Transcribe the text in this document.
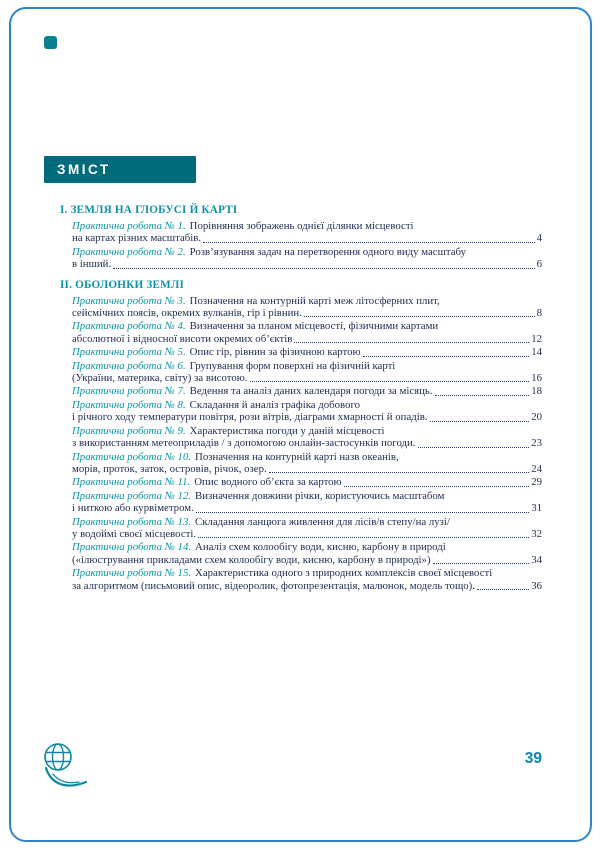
ЗМІСТ
І. ЗЕМЛЯ НА ГЛОБУСІ Й КАРТІ
Практична робота № 1. Порівняння зображень однієї ділянки місцевості
на картах різних масштабів.	4
Практична робота № 2. Розв’язування задач на перетворення одного виду масштабу
в інший.	6
ІІ. ОБОЛОНКИ ЗЕМЛІ
Практична робота № 3. Позначення на контурній карті меж літосферних плит,
сейсмічних поясів, окремих вулканів, гір і рівнин.	8
Практична робота № 4. Визначення за планом місцевості, фізичними картами
абсолютної і відносної висоти окремих об’єктів	12
Практична робота № 5. Опис гір, рівнин за фізичною картою	14
Практична робота № 6. Групування форм поверхні на фізичній карті
(України, материка, світу) за висотою.	16
Практична робота № 7. Ведення та аналіз даних календаря погоди за місяць.	18
Практична робота № 8. Складання й аналіз графіка добового
і річного ходу температури повітря, рози вітрів, діаграми хмарності й опадів.	20
Практична робота № 9. Характеристика погоди у даній місцевості
з використанням метеоприладів / з допомогою онлайн-застосунків погоди.	23
Практична робота № 10. Позначення на контурній карті назв океанів,
морів, проток, заток, островів, річок, озер.	24
Практична робота № 11. Опис водного об’єкта за картою	29
Практична робота № 12. Визначення довжини річки, користуючись масштабом
і ниткою або курвіметром.	31
Практична робота № 13. Складання ланцюга живлення для лісів/в степу/на лузі/
у водоймі своєї місцевості.	32
Практична робота № 14. Аналіз схем колообігу води, кисню, карбону в природі
(«ілюстрування прикладами схем колообігу води, кисню, карбону в природі»)	34
Практична робота № 15. Характеристика одного з природних комплексів своєї місцевості
за алгоритмом (письмовий опис, відеоролик, фотопрезентація, малюнок, модель тощо).	36
39
